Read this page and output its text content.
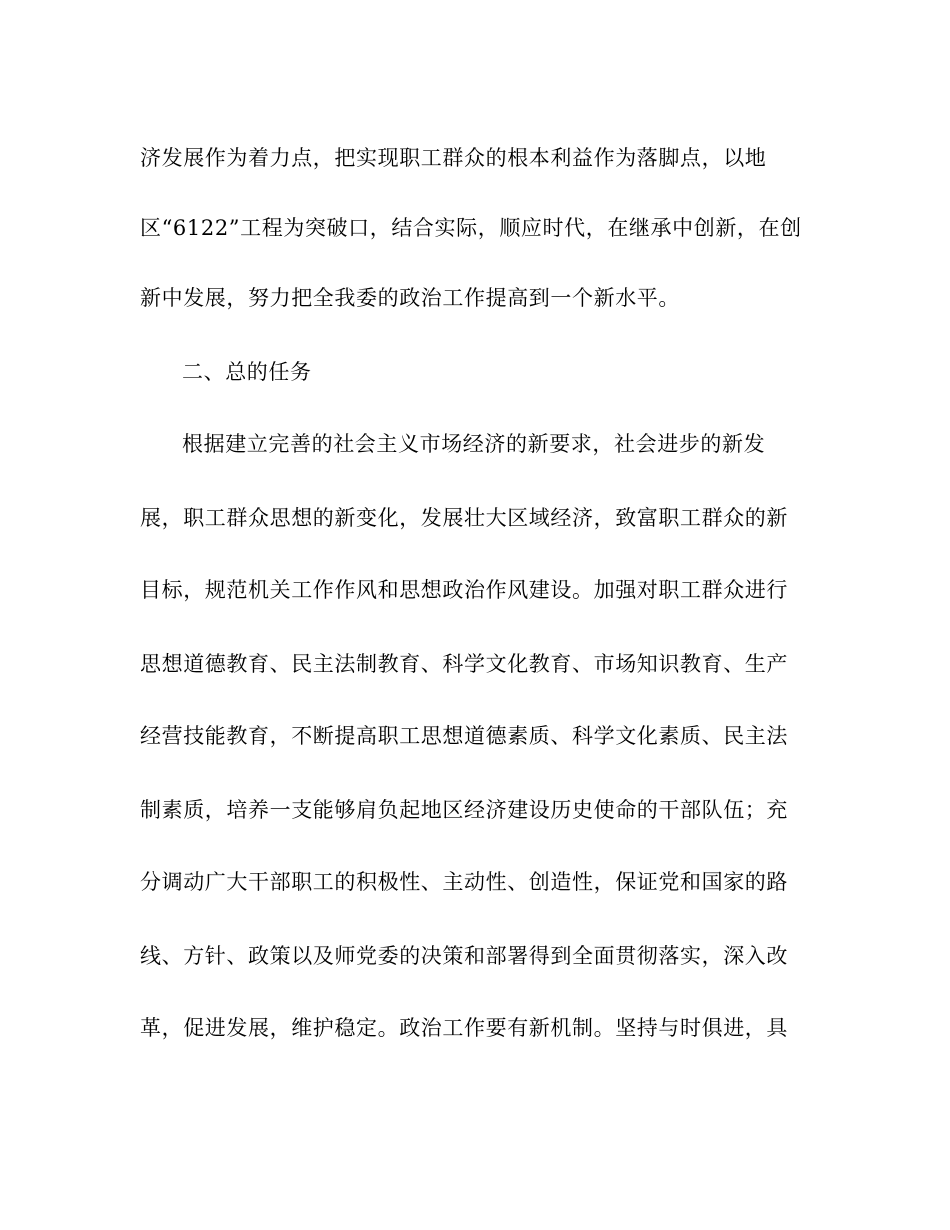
济发展作为着力点，把实现职工群众的根本利益作为落脚点，以地
区“6122”工程为突破口，结合实际，顺应时代，在继承中创新，在创
新中发展，努力把全我委的政治工作提高到一个新水平。
二、总的任务
根据建立完善的社会主义市场经济的新要求，社会进步的新发
展，职工群众思想的新变化，发展壮大区域经济，致富职工群众的新
目标，规范机关工作作风和思想政治作风建设。加强对职工群众进行
思想道德教育、民主法制教育、科学文化教育、市场知识教育、生产
经营技能教育，不断提高职工思想道德素质、科学文化素质、民主法
制素质，培养一支能够肩负起地区经济建设历史使命的干部队伍；充
分调动广大干部职工的积极性、主动性、创造性，保证党和国家的路
线、方针、政策以及师党委的决策和部署得到全面贯彻落实，深入改
革，促进发展，维护稳定。政治工作要有新机制。坚持与时俱进，具
